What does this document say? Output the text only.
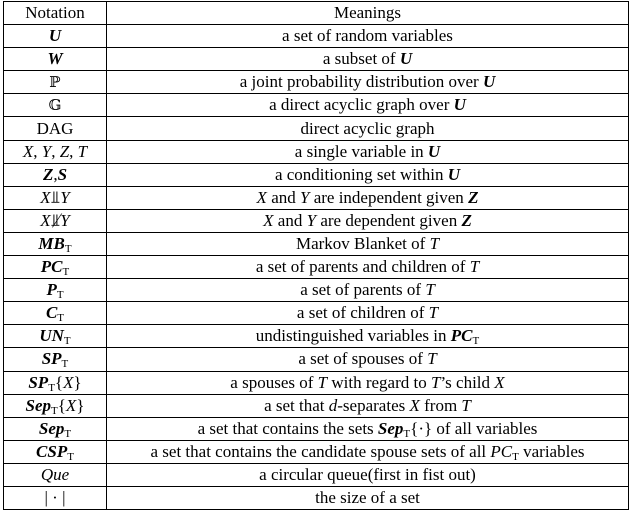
Notation	Meanings
U	a set of random variables
W	a subset of U
ℙ	a joint probability distribution over U
𝔾	a direct acyclic graph over U
DAG	direct acyclic graph
X, Y, Z, T	a single variable in U
Z,S	a conditioning set within U
X⫫Y	X and Y are independent given Z
X⫫̸Y	X and Y are dependent given Z
$MB_T$	Markov Blanket of T
$PC_T$	a set of parents and children of T
$P_T$	a set of parents of T
$C_T$	a set of children of T
$UN_T$	undistinguished variables in $PC_T$
$SP_T$	a set of spouses of T
$SP_T\{X\}$	a spouses of T with regard to T’s child X
Sep$_T${X}	a set that d-separates X from T
Sep$_T$	a set that contains the sets Sep$_T${·} of all variables
$CSP_T$	a set that contains the candidate spouse sets of all $PC_T$ variables
Que	a circular queue(first in fist out)
| · |	the size of a set
